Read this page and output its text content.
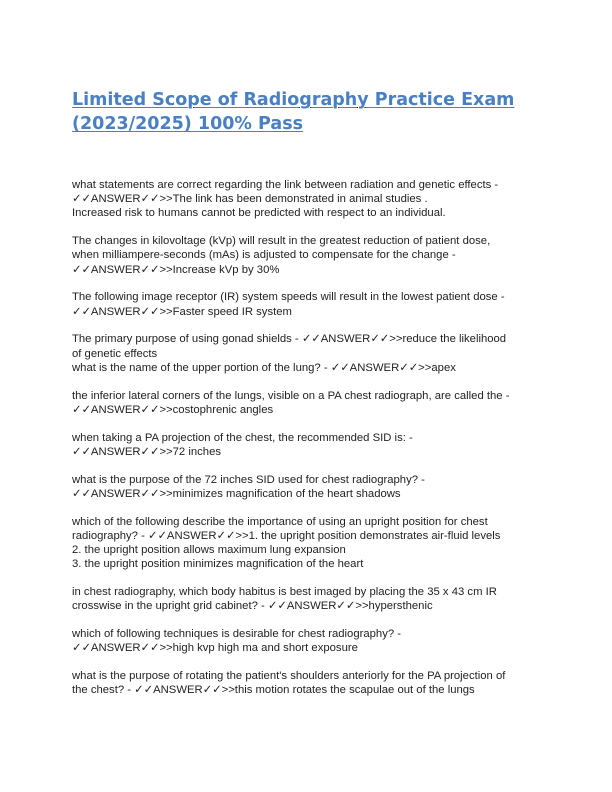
Limited Scope of Radiography Practice Exam
(2023/2025) 100% Pass
what statements are correct regarding the link between radiation and genetic effects -
✓✓ANSWER✓✓>>The link has been demonstrated in animal studies .
Increased risk to humans cannot be predicted with respect to an individual.
The changes in kilovoltage (kVp) will result in the greatest reduction of patient dose,
when milliampere-seconds (mAs) is adjusted to compensate for the change -
✓✓ANSWER✓✓>>Increase kVp by 30%
The following image receptor (IR) system speeds will result in the lowest patient dose -
✓✓ANSWER✓✓>>Faster speed IR system
The primary purpose of using gonad shields - ✓✓ANSWER✓✓>>reduce the likelihood
of genetic effects
what is the name of the upper portion of the lung? - ✓✓ANSWER✓✓>>apex
the inferior lateral corners of the lungs, visible on a PA chest radiograph, are called the -
✓✓ANSWER✓✓>>costophrenic angles
when taking a PA projection of the chest, the recommended SID is: -
✓✓ANSWER✓✓>>72 inches
what is the purpose of the 72 inches SID used for chest radiography? -
✓✓ANSWER✓✓>>minimizes magnification of the heart shadows
which of the following describe the importance of using an upright position for chest
radiography? - ✓✓ANSWER✓✓>>1. the upright position demonstrates air-fluid levels
2. the upright position allows maximum lung expansion
3. the upright position minimizes magnification of the heart
in chest radiography, which body habitus is best imaged by placing the 35 x 43 cm IR
crosswise in the upright grid cabinet? - ✓✓ANSWER✓✓>>hypersthenic
which of following techniques is desirable for chest radiography? -
✓✓ANSWER✓✓>>high kvp high ma and short exposure
what is the purpose of rotating the patient's shoulders anteriorly for the PA projection of
the chest? - ✓✓ANSWER✓✓>>this motion rotates the scapulae out of the lungs
